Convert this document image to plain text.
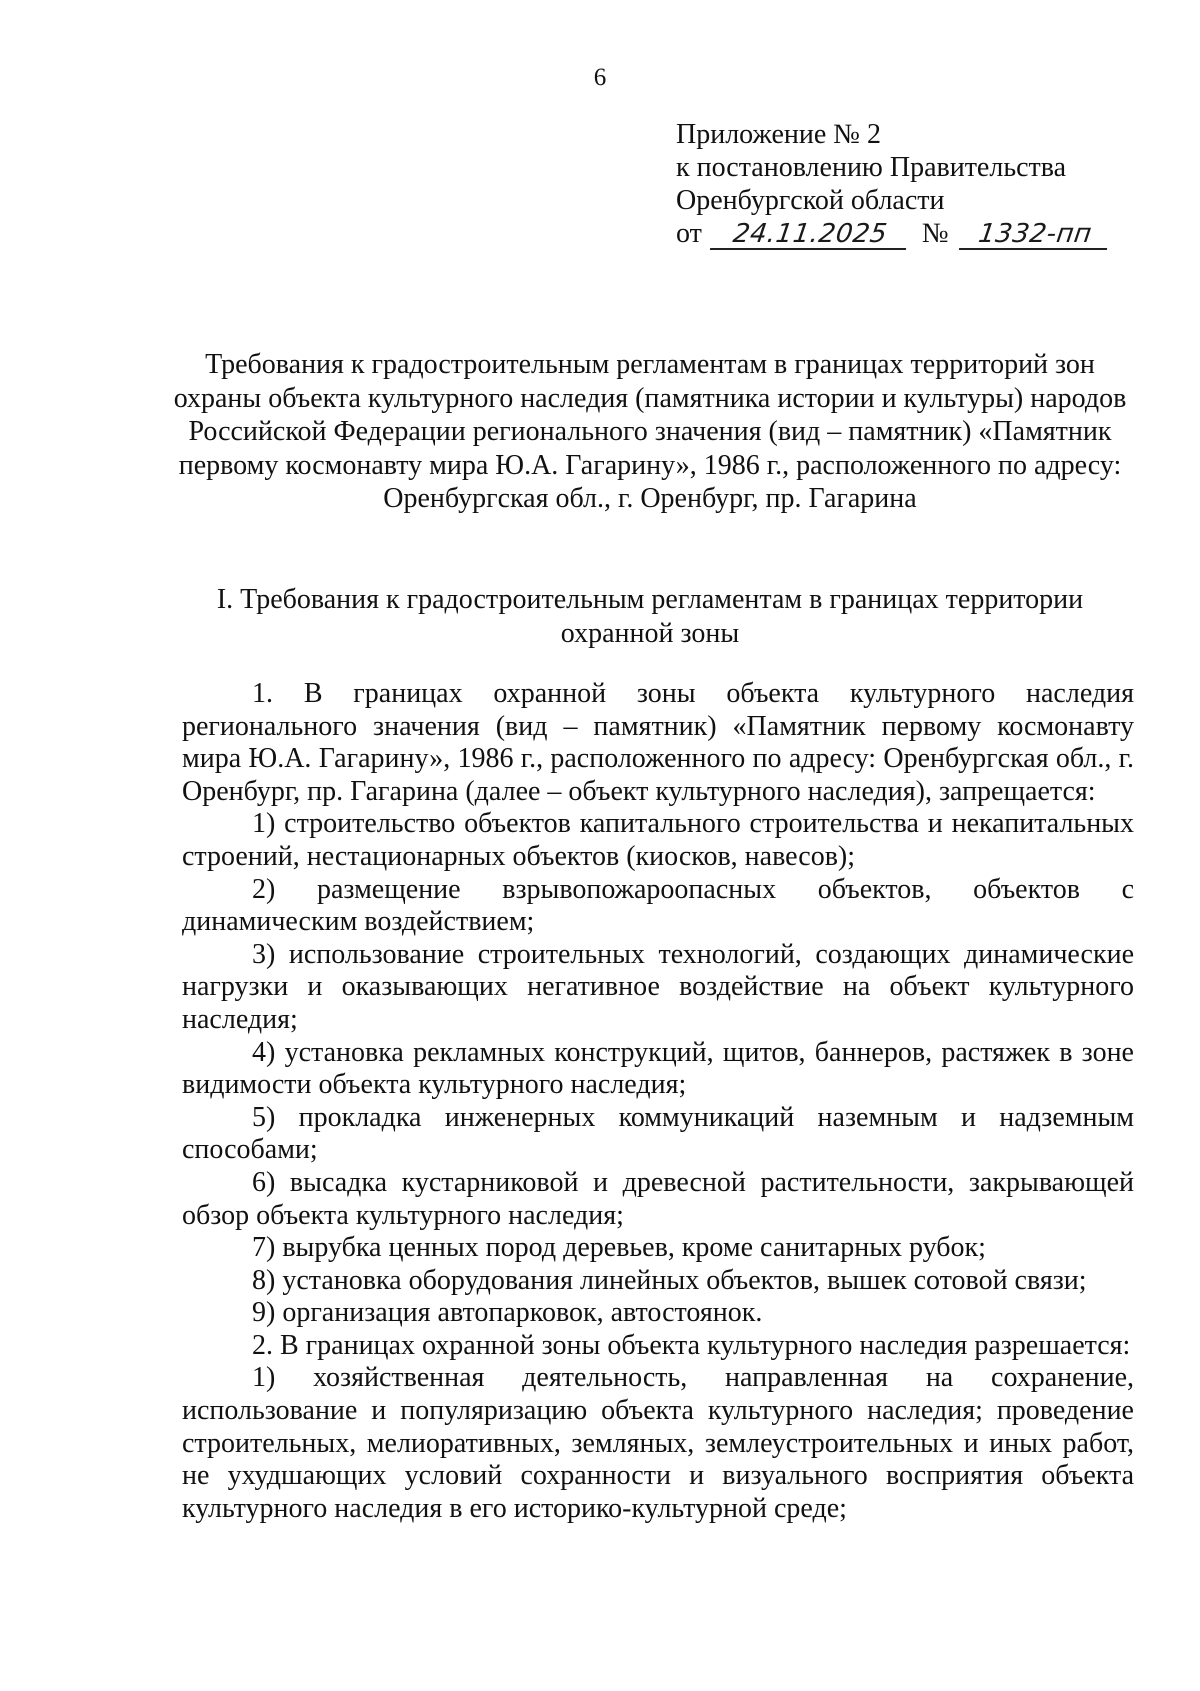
6
Приложение № 2
к постановлению Правительства
Оренбургской области
от	24.11.2025	№	1332-пп
Требования к градостроительным регламентам в границах территорий зон охраны объекта культурного наследия (памятника истории и культуры) народов Российской Федерации регионального значения (вид – памятник) «Памятник первому космонавту мира Ю.А. Гагарину», 1986 г., расположенного по адресу: Оренбургская обл., г. Оренбург, пр. Гагарина
I. Требования к градостроительным регламентам в границах территории охранной зоны

1. В границах охранной зоны объекта культурного наследия регионального значения (вид – памятник) «Памятник первому космонавту мира Ю.А. Гагарину», 1986 г., расположенного по адресу: Оренбургская обл., г. Оренбург, пр. Гагарина (далее – объект культурного наследия), запрещается:

1) строительство объектов капитального строительства и некапитальных строений, нестационарных объектов (киосков, навесов);

2) размещение взрывопожароопасных объектов, объектов с динамическим воздействием;

3) использование строительных технологий, создающих динамические нагрузки и оказывающих негативное воздействие на объект культурного наследия;

4) установка рекламных конструкций, щитов, баннеров, растяжек в зоне видимости объекта культурного наследия;

5) прокладка инженерных коммуникаций наземным и надземным способами;

6) высадка кустарниковой и древесной растительности, закрывающей обзор объекта культурного наследия;

7) вырубка ценных пород деревьев, кроме санитарных рубок;

8) установка оборудования линейных объектов, вышек сотовой связи;

9) организация автопарковок, автостоянок.

2. В границах охранной зоны объекта культурного наследия разрешается:

1) хозяйственная деятельность, направленная на сохранение, использование и популяризацию объекта культурного наследия; проведение строительных, мелиоративных, земляных, землеустроительных и иных работ, не ухудшающих условий сохранности и визуального восприятия объекта культурного наследия в его историко-культурной среде;
